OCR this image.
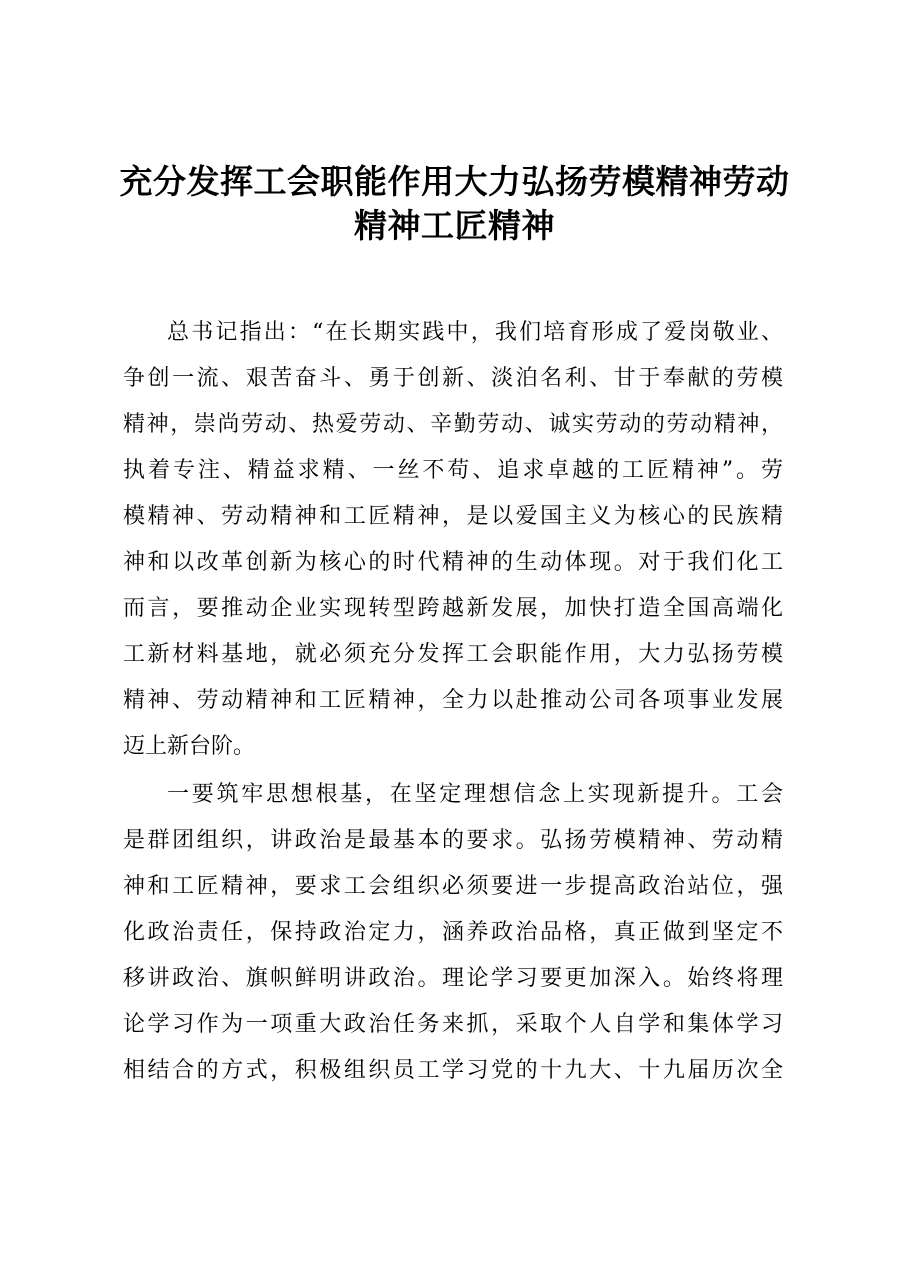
充分发挥工会职能作用大力弘扬劳模精神劳动
精神工匠精神
总书记指出：“在长期实践中，我们培育形成了爱岗敬业、
争创一流、艰苦奋斗、勇于创新、淡泊名利、甘于奉献的劳模
精神，崇尚劳动、热爱劳动、辛勤劳动、诚实劳动的劳动精神，
执着专注、精益求精、一丝不苟、追求卓越的工匠精神”。劳
模精神、劳动精神和工匠精神，是以爱国主义为核心的民族精
神和以改革创新为核心的时代精神的生动体现。对于我们化工
而言，要推动企业实现转型跨越新发展，加快打造全国高端化
工新材料基地，就必须充分发挥工会职能作用，大力弘扬劳模
精神、劳动精神和工匠精神，全力以赴推动公司各项事业发展
迈上新台阶。
一要筑牢思想根基，在坚定理想信念上实现新提升。工会
是群团组织，讲政治是最基本的要求。弘扬劳模精神、劳动精
神和工匠精神，要求工会组织必须要进一步提高政治站位，强
化政治责任，保持政治定力，涵养政治品格，真正做到坚定不
移讲政治、旗帜鲜明讲政治。理论学习要更加深入。始终将理
论学习作为一项重大政治任务来抓，采取个人自学和集体学习
相结合的方式，积极组织员工学习党的十九大、十九届历次全
